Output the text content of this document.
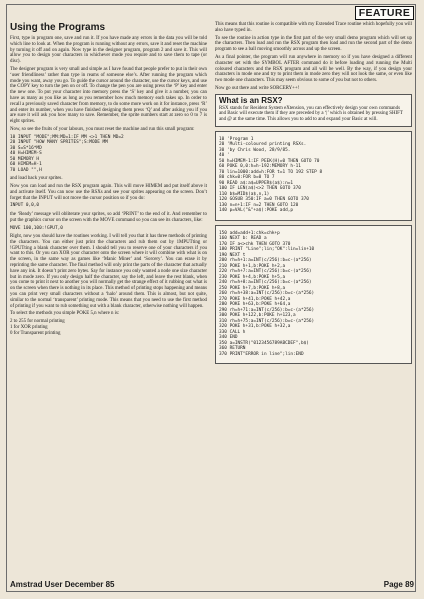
FEATURE
Using the Programs

First, type in program one, save and run it. If you have made any errors in the data you will be told which line to look at. When the program is running without any errors, save it and reset the machine by turning it off and on again. Now type in the designer program, program 2 and save it. This will allow you to design your characters in whichever mode you require and to save them to tape (or disc).

The designer program is very small and simple as I have found that people prefer to put in their own ‘user friendliness’ rather than type in reams of someone else’s. After running the program which mode you want, away you go. To guide the cursor around the character, use the cursor keys, and use the COPY key to turn the pen on or off. To change the pen you are using press the ‘P’ key and enter the new one. To put your character into memory press the ‘S’ key and give it a number, you can have as many as you like as long as you remember how much memory each takes up. In order to recall a previously saved character from memory, to do some more work on it for instance, press ‘R’ and enter its number, when you have finished designing them press ‘Q’ and after asking you if you are sure it will ask you how many to save. Remember, the sprite numbers start at zero so 0 to 7 is eight sprites.

Now, so see the fruits of your labours, you must reset the machine and run this small program:

10 INPUT "MODE";MM:MD=1:IF MM <>1 THEN MD=2
20 INPUT "HOW MANY SPRITES";S:MODE MM
30 S=S*16*MD
40 H=HIMEM-S
50 MEMORY H
60 HIMEM=H-1
70 LOAD "",H

and load back your sprites.

Now you can load and run the RSX program again. This will move HIMEM and put itself above it and activate itself. You can now use the RSXs and see your sprites appearing on the screen. Don’t forget that the INPUT will not move the cursor position so if you do:

INPUT 0,0,0

the ‘Ready’ message will obliterate your sprites, so add ‘PRINT’ to the end of it. And remember to put the graphics cursor on the screen with the MOVE command so you can see its characters, like:

MOVE 100,100:!GPUT,0

Right, now you should have the routines working. I will tell you that it has three methods of printing the characters. You can either just print the characters and rub them out by 1MPUTting or !GPUTting a blank character over them. I should tell you to reserve one of your characters if you want to this. Or you can XOR your character onto the screen where it will combine with what is on the screen, in the same way as games like ‘Manic Miner’ and ‘Sorcery’. You can erase it by reprinting the same character. The final method will only print the parts of the character that actually have any ink. It doesn’t print zero bytes. Say for instance you only wanted a node one size character but in mode zero. If you only design half the character, say the left, and leave the rest blank, when you come to print it next to another you will normally get the strange effect of it rubbing out what is on the screen when there is nothing in its place. This method of printing stops happening and means you can print very small characters without a ‘halo’ around them. This is almost, but not quite, similar to the normal ‘transparent’ printing mode. This means that you need to use the first method of printing if you want to rub something out with a blank character, otherwise nothing will happen.

To select the methods you simple POKE 5,n where n is:

2 to 255 for normal printing
1 for XOR printing
0 for Transparent printing

This means that this routine is compatible with my Extended Trace routine which hopefully you will also have typed in.

To see the routine in action type in the first part of the very small demo program which will set up the characters. Then load and run the RSX program then load and run the second part of the demo program to see a ball moving smoothly across and up the screen.

As a final pointer, the program will run anywhere in memory so if you have designed a different character set with the SYMBOL AFTER command do it before loading and running the Multi coloured characters and the RSX program and all will be well. By the way, if you design your characters in mode one and try to print them in mode zero they will not look the same, or even like two mode one characters. This may seem obvious to some of you but not to others.

Now go out there and write SORCERY++!

What is an RSX?
RSX stands for Resident System eXtension, you can effectively design your own commands and Basic will execute them if they are preceded by a ‘|’ which is obtained by pressing SHIFT and @ at the same time. This allows you to add to and expand your Basic at will.
10 'Program 1
20 'Multi-coloured printing RSXs.
30 'by Chris Wood, 28/9/85.
40 '
50 h=HIMEM-1:IF PEEK(H)=0 THEN GOTO 70
60 POKE 0,0:h=h-192:MEMORY h-11
70 lin=1000:add=h:FOR t=1 TO 192 STEP 8
80 chk=0:FOR b=0 TO 7
90 READ a$:a$=UPPER$(a$):n=1
100 IF LEN(a$)<>2 THEN GOTO 370
110 b$=MID$(a$,n,1)
120 GOSUB 350:IF a=0 THEN GOTO 370
130 n=n+1:IF n=2 THEN GOTO 120
140 p=VAL("&"+a$):POKE add,p
150 add=add+1:chk=chk+p
160 NEXT b: READ a
170 IF a<>chk THEN GOTO 370
180 PRINT "Line";lin;"OK":lin=lin+10
190 NEXT t
200 rh=h+1:a=INT(c/256):b=c-(a*256)
210 POKE h+1,b:POKE h+2,a
220 rh=h+7:a=INT(c/256):b=c-(a*256)
230 POKE h+4,b:POKE h+5,a
240 rh=h+8:a=INT(c/256):b=c-(a*256)
250 POKE h+7,b:POKE h+8,a
260 rh=h+38:a=INT(c/256):b=c-(a*256)
270 POKE h+41,b:POKE h+42,a
280 POKE h+63,b:POKE h+64,a
290 rh=h+71:a=INT(c/256):b=c-(a*256)
300 POKE h+122,b:POKE h+123,a
310 rh=h+75:a=INT(c/256):b=c-(a*256)
320 POKE h+31,b:POKE h+32,a
330 CALL h
340 END
350 a=INSTR("0123456789ABCDEF",b$)
360 RETURN
370 PRINT"ERROR in line";lin:END
Amstrad User December 85	Page 89
